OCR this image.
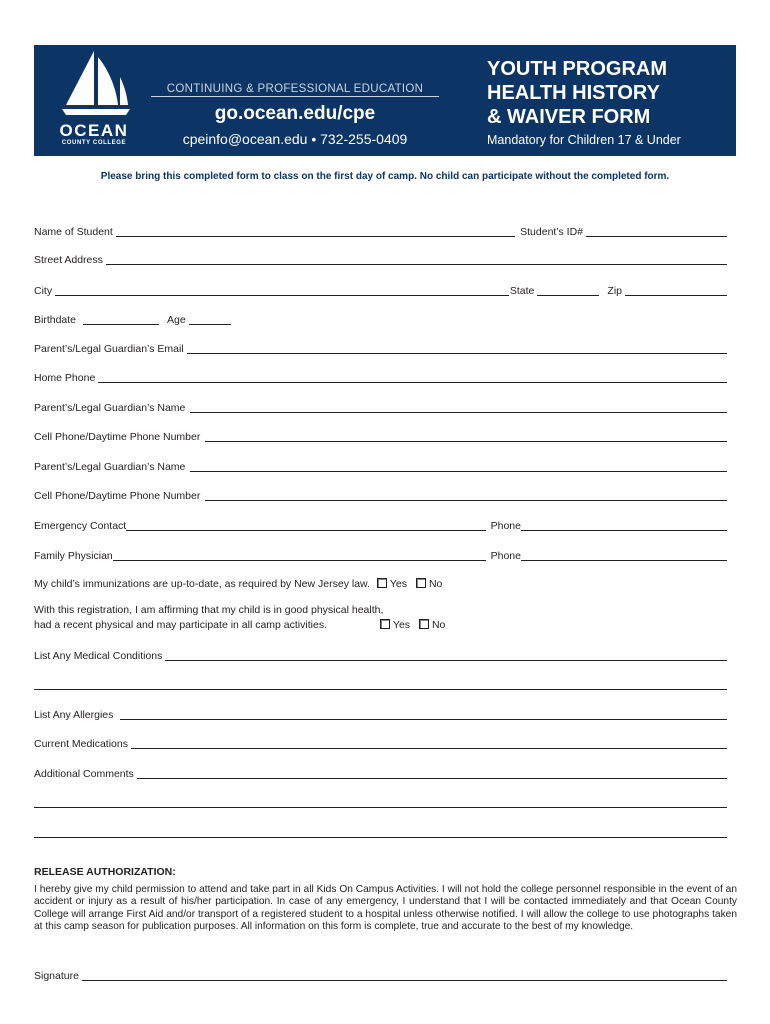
OCEAN
COUNTY COLLEGE
CONTINUING & PROFESSIONAL EDUCATION
go.ocean.edu/cpe
cpeinfo@ocean.edu • 732-255-0409
YOUTH PROGRAM
HEALTH HISTORY
& WAIVER FORM
Mandatory for Children 17 & Under
Please bring this completed form to class on the first day of camp. No child can participate without the completed form.
Name of Student	Student’s ID#
Street Address
City	State	Zip
Birthdate	Age
Parent’s/Legal Guardian’s Email
Home Phone
Parent’s/Legal Guardian’s Name
Cell Phone/Daytime Phone Number
Parent’s/Legal Guardian’s Name
Cell Phone/Daytime Phone Number
Emergency Contact	Phone
Family Physician	Phone
My child’s immunizations are up-to-date, as required by New Jersey law. Yes No
With this registration, I am affirming that my child is in good physical health,
had a recent physical and may participate in all camp activities.	Yes No
List Any Medical Conditions
List Any Allergies
Current Medications
Additional Comments
RELEASE AUTHORIZATION:
I hereby give my child permission to attend and take part in all Kids On Campus Activities. I will not hold the college personnel responsible in the event of an accident or injury as a result of his/her participation. In case of any emergency, I understand that I will be contacted immediately and that Ocean County College will arrange First Aid and/or transport of a registered student to a hospital unless otherwise notified. I will allow the college to use photographs taken at this camp season for publication purposes. All information on this form is complete, true and accurate to the best of my knowledge.
Signature
